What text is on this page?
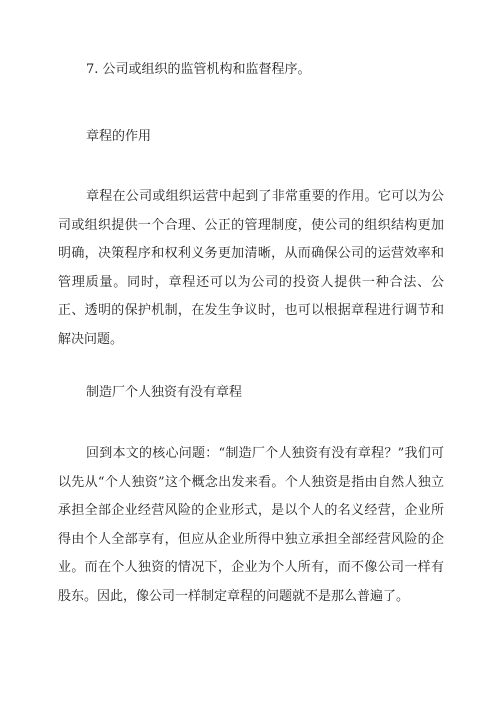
7. 公司或组织的监管机构和监督程序。
章程的作用

章程在公司或组织运营中起到了非常重要的作用。它可以为公司或组织提供一个合理、公正的管理制度，使公司的组织结构更加明确，决策程序和权利义务更加清晰，从而确保公司的运营效率和管理质量。同时，章程还可以为公司的投资人提供一种合法、公正、透明的保护机制，在发生争议时，也可以根据章程进行调节和解决问题。

制造厂个人独资有没有章程

回到本文的核心问题：“制造厂个人独资有没有章程？”我们可以先从“个人独资”这个概念出发来看。个人独资是指由自然人独立承担全部企业经营风险的企业形式，是以个人的名义经营，企业所得由个人全部享有，但应从企业所得中独立承担全部经营风险的企业。而在个人独资的情况下，企业为个人所有，而不像公司一样有股东。因此，像公司一样制定章程的问题就不是那么普遍了。
